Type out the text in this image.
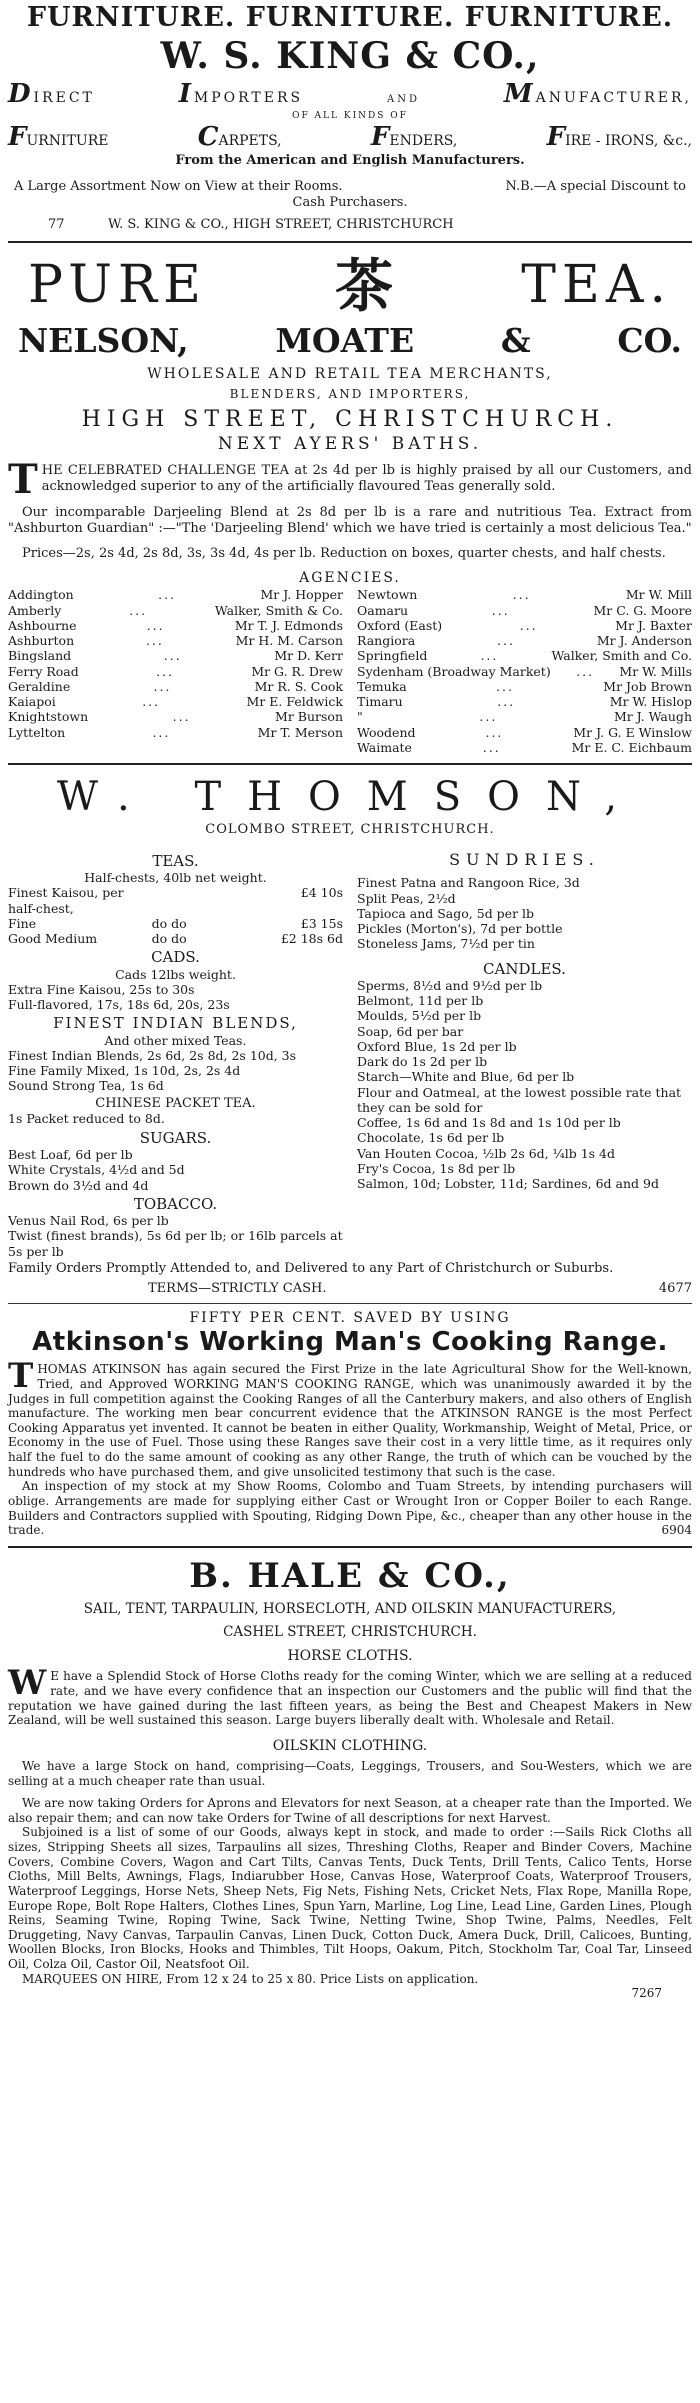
FURNITURE. FURNITURE. FURNITURE.
W. S. KING & CO.,
DIRECT	IMPORTERS	AND	MANUFACTURER,
OF ALL KINDS OF
FURNITURE	CARPETS,	FENDERS,	FIRE - IRONS, &c.,
From the American and English Manufacturers.
A Large Assortment Now on View at their Rooms.	N.B.—A special Discount to
Cash Purchasers.
77	W. S. KING & CO., HIGH STREET, CHRISTCHURCH
PURE 茶 TEA.
NELSON,	MOATE	&	CO.
WHOLESALE AND RETAIL TEA MERCHANTS,
BLENDERS, AND IMPORTERS,
HIGH STREET, CHRISTCHURCH.
NEXT AYERS' BATHS.
THE CELEBRATED CHALLENGE TEA at 2s 4d per lb is highly praised by all our Customers, and acknowledged superior to any of the artificially flavoured Teas generally sold.
Our incomparable Darjeeling Blend at 2s 8d per lb is a rare and nutritious Tea. Extract from "Ashburton Guardian" :—"The 'Darjeeling Blend' which we have tried is certainly a most delicious Tea."
Prices—2s, 2s 4d, 2s 8d, 3s, 3s 4d, 4s per lb. Reduction on boxes, quarter chests, and half chests.
AGENCIES.
Addington	...	Mr J. Hopper
Amberly	...	Walker, Smith & Co.
Ashbourne	...	Mr T. J. Edmonds
Ashburton	...	Mr H. M. Carson
Bingsland	...	Mr D. Kerr
Ferry Road	...	Mr G. R. Drew
Geraldine	...	Mr R. S. Cook
Kaiapoi	...	Mr E. Feldwick
Knightstown	...	Mr Burson
Lyttelton	...	Mr T. Merson
Newtown	...	Mr W. Mill
Oamaru	...	Mr C. G. Moore
Oxford (East)	...	Mr J. Baxter
Rangiora	...	Mr J. Anderson
Springfield	...	Walker, Smith and Co.
Sydenham (Broadway Market)	...	Mr W. Mills
Temuka	...	Mr Job Brown
Timaru	...	Mr W. Hislop
"	...	Mr J. Waugh
Woodend	...	Mr J. G. E Winslow
Waimate	...	Mr E. C. Eichbaum
W. THOMSON,
COLOMBO STREET, CHRISTCHURCH.
TEAS.
Half-chests, 40lb net weight.
Finest Kaisou, per half-chest,
£4 10s
Fine	do do	£3 15s
Good Medium	do do	£2 18s 6d
CADS.
Cads 12lbs weight.
Extra Fine Kaisou, 25s to 30s
Full-flavored, 17s, 18s 6d, 20s, 23s
FINEST INDIAN BLENDS,
And other mixed Teas.
Finest Indian Blends, 2s 6d, 2s 8d, 2s 10d, 3s
Fine Family Mixed, 1s 10d, 2s, 2s 4d
Sound Strong Tea, 1s 6d
CHINESE PACKET TEA.
1s Packet reduced to 8d.
SUGARS.
Best Loaf, 6d per lb
White Crystals, 4½d and 5d
Brown do 3½d and 4d
TOBACCO.
Venus Nail Rod, 6s per lb
Twist (finest brands), 5s 6d per lb; or 16lb parcels at 5s per lb
SUNDRIES.
Finest Patna and Rangoon Rice, 3d
Split Peas, 2½d
Tapioca and Sago, 5d per lb
Pickles (Morton's), 7d per bottle
Stoneless Jams, 7½d per tin
CANDLES.
Sperms, 8½d and 9½d per lb
Belmont, 11d per lb
Moulds, 5½d per lb
Soap, 6d per bar
Oxford Blue, 1s 2d per lb
Dark do 1s 2d per lb
Starch—White and Blue, 6d per lb
Flour and Oatmeal, at the lowest possible rate that they can be sold for
Coffee, 1s 6d and 1s 8d and 1s 10d per lb
Chocolate, 1s 6d per lb
Van Houten Cocoa, ½lb 2s 6d, ¼lb 1s 4d
Fry's Cocoa, 1s 8d per lb
Salmon, 10d; Lobster, 11d; Sardines, 6d and 9d
Family Orders Promptly Attended to, and Delivered to any Part of Christchurch or Suburbs.
TERMS—STRICTLY CASH.	4677
FIFTY PER CENT. SAVED BY USING
Atkinson's Working Man's Cooking Range.
THOMAS ATKINSON has again secured the First Prize in the late Agricultural Show for the Well-known, Tried, and Approved WORKING MAN'S COOKING RANGE, which was unanimously awarded it by the Judges in full competition against the Cooking Ranges of all the Canterbury makers, and also others of English manufacture. The working men bear concurrent evidence that the ATKINSON RANGE is the most Perfect Cooking Apparatus yet invented. It cannot be beaten in either Quality, Workmanship, Weight of Metal, Price, or Economy in the use of Fuel. Those using these Ranges save their cost in a very little time, as it requires only half the fuel to do the same amount of cooking as any other Range, the truth of which can be vouched by the hundreds who have purchased them, and give unsolicited testimony that such is the case.
An inspection of my stock at my Show Rooms, Colombo and Tuam Streets, by intending purchasers will oblige. Arrangements are made for supplying either Cast or Wrought Iron or Copper Boiler to each Range. Builders and Contractors supplied with Spouting, Ridging Down Pipe, &c., cheaper than any other house in the trade.	6904
B. HALE & CO.,
SAIL, TENT, TARPAULIN, HORSECLOTH, AND OILSKIN MANUFACTURERS,
CASHEL STREET, CHRISTCHURCH.
HORSE CLOTHS.
W E have a Splendid Stock of Horse Cloths ready for the coming Winter, which we are selling at a reduced rate, and we have every confidence that an inspection our Customers and the public will find that the reputation we have gained during the last fifteen years, as being the Best and Cheapest Makers in New Zealand, will be well sustained this season. Large buyers liberally dealt with. Wholesale and Retail.
OILSKIN CLOTHING.
We have a large Stock on hand, comprising—Coats, Leggings, Trousers, and Sou-Westers, which we are selling at a much cheaper rate than usual.
We are now taking Orders for Aprons and Elevators for next Season, at a cheaper rate than the Imported. We also repair them; and can now take Orders for Twine of all descriptions for next Harvest.
Subjoined is a list of some of our Goods, always kept in stock, and made to order :—Sails Rick Cloths all sizes, Stripping Sheets all sizes, Tarpaulins all sizes, Threshing Cloths, Reaper and Binder Covers, Machine Covers, Combine Covers, Wagon and Cart Tilts, Canvas Tents, Duck Tents, Drill Tents, Calico Tents, Horse Cloths, Mill Belts, Awnings, Flags, Indiarubber Hose, Canvas Hose, Waterproof Coats, Waterproof Trousers, Waterproof Leggings, Horse Nets, Sheep Nets, Fig Nets, Fishing Nets, Cricket Nets, Flax Rope, Manilla Rope, Europe Rope, Bolt Rope Halters, Clothes Lines, Spun Yarn, Marline, Log Line, Lead Line, Garden Lines, Plough Reins, Seaming Twine, Roping Twine, Sack Twine, Netting Twine, Shop Twine, Palms, Needles, Felt Druggeting, Navy Canvas, Tarpaulin Canvas, Linen Duck, Cotton Duck, Amera Duck, Drill, Calicoes, Bunting, Woollen Blocks, Iron Blocks, Hooks and Thimbles, Tilt Hoops, Oakum, Pitch, Stockholm Tar, Coal Tar, Linseed Oil, Colza Oil, Castor Oil, Neatsfoot Oil.
MARQUEES ON HIRE, From 12 x 24 to 25 x 80. Price Lists on application.
7267
